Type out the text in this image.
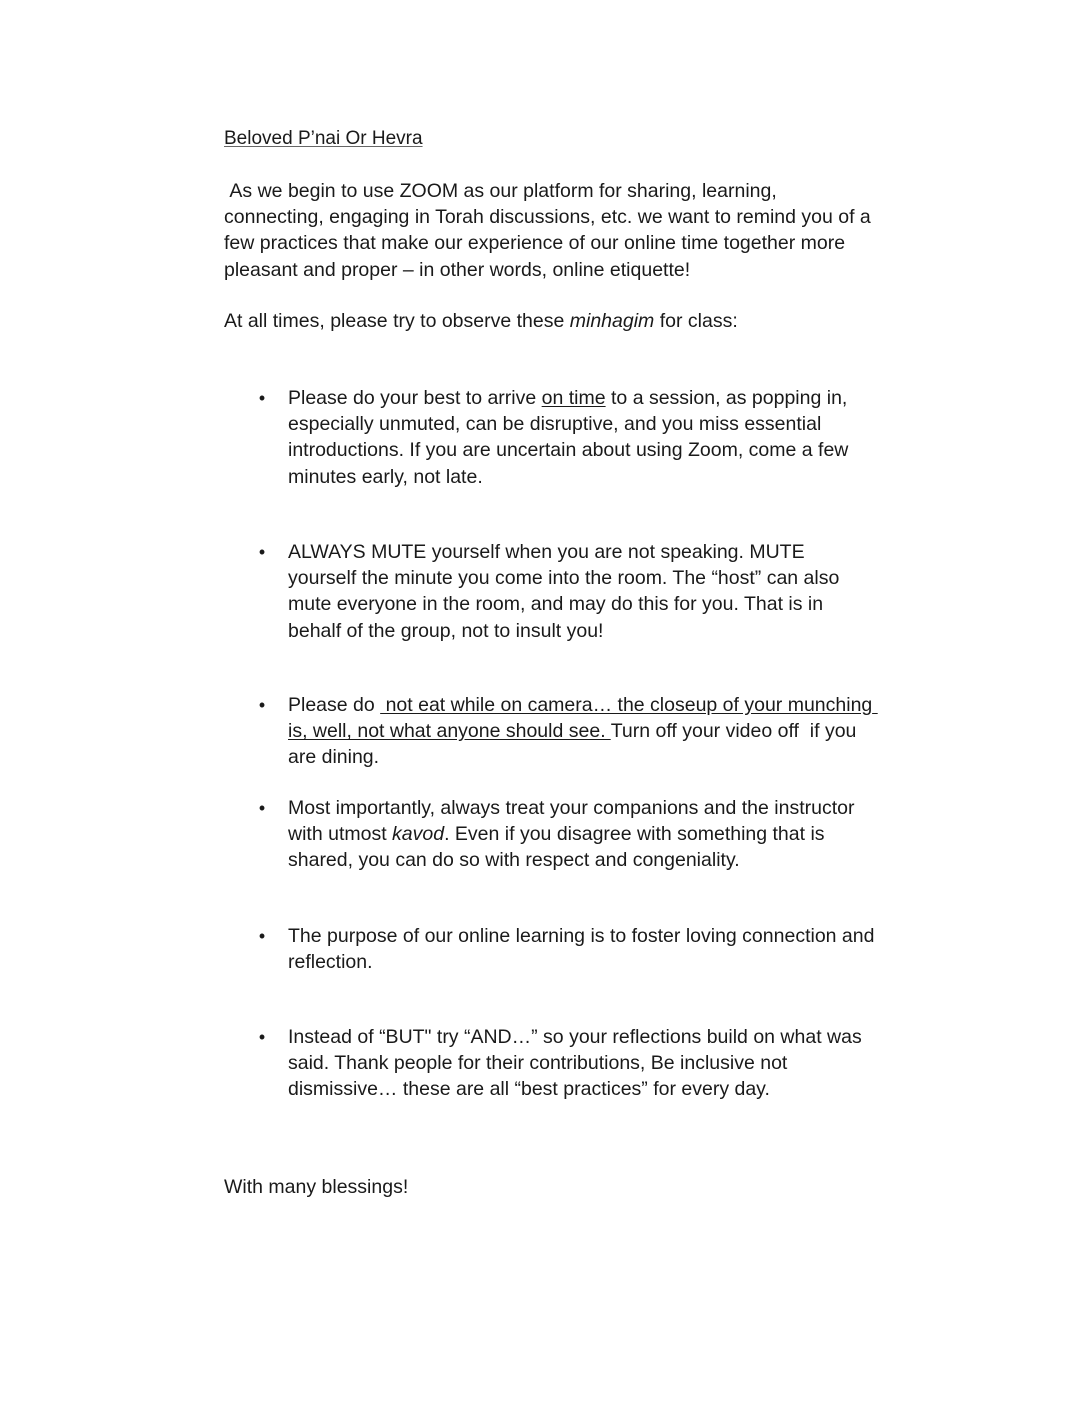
Beloved P’nai Or Hevra

As we begin to use ZOOM as our platform for sharing, learning, connecting, engaging in Torah discussions, etc. we want to remind you of a few practices that make our experience of our online time together more pleasant and proper – in other words, online etiquette!

At all times, please try to observe these minhagim for class:

• Please do your best to arrive on time to a session, as popping in, especially unmuted, can be disruptive, and you miss essential introductions. If you are uncertain about using Zoom, come a few minutes early, not late.
• ALWAYS MUTE yourself when you are not speaking. MUTE yourself the minute you come into the room. The “host” can also mute everyone in the room, and may do this for you. That is in behalf of the group, not to insult you!
• Please do  not eat while on camera… the closeup of your munching is, well, not what anyone should see. Turn off your video off  if you are dining.
• Most importantly, always treat your companions and the instructor with utmost kavod. Even if you disagree with something that is shared, you can do so with respect and congeniality.
• The purpose of our online learning is to foster loving connection and reflection.
• Instead of “BUT" try “AND…” so your reflections build on what was said. Thank people for their contributions, Be inclusive not dismissive… these are all “best practices” for every day.

With many blessings!
